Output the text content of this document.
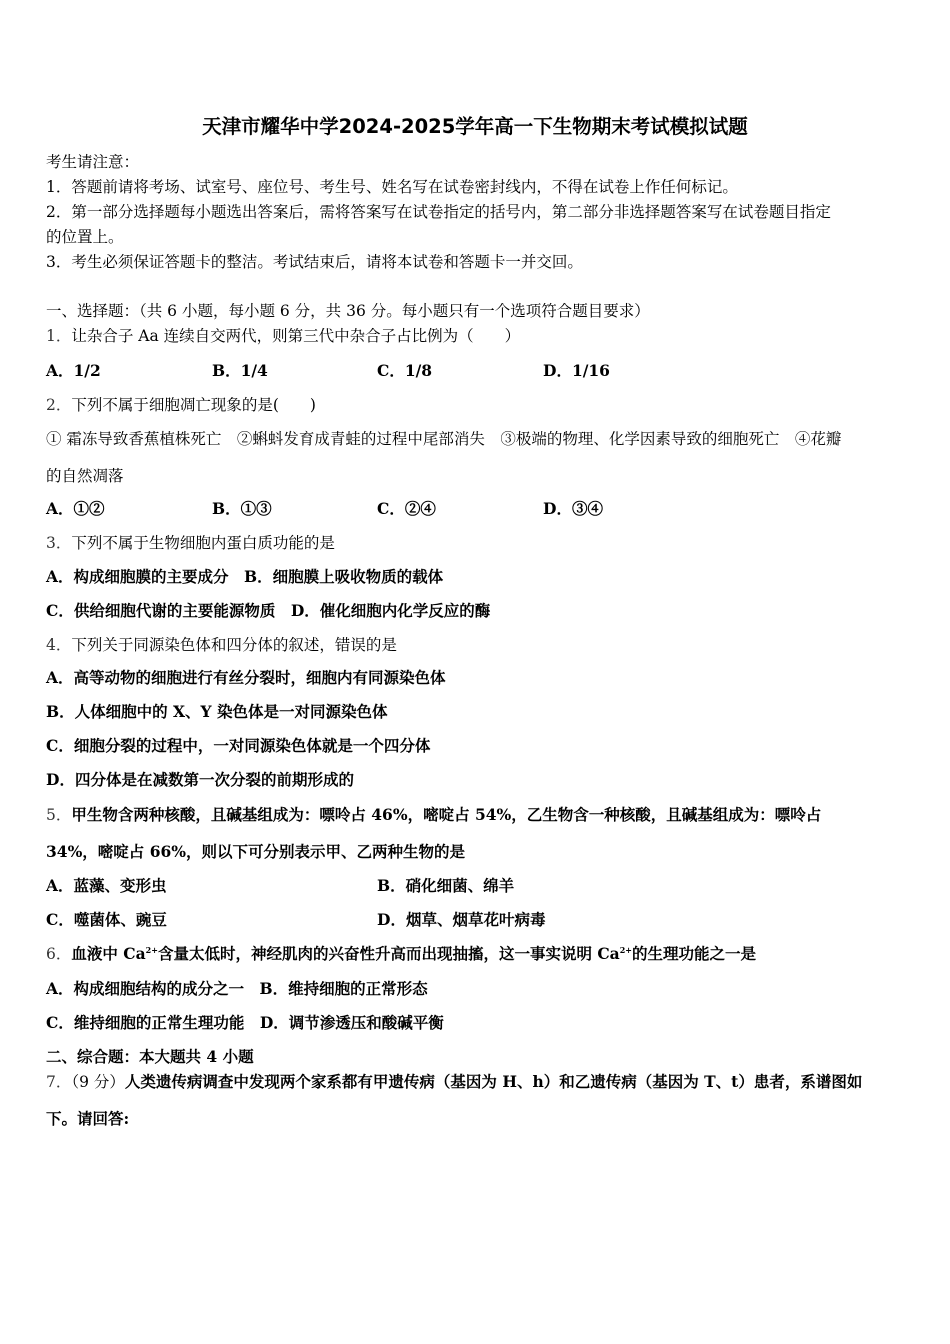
天津市耀华中学2024-2025学年高一下生物期末考试模拟试题
考生请注意：
1．答题前请将考场、试室号、座位号、考生号、姓名写在试卷密封线内，不得在试卷上作任何标记。
2．第一部分选择题每小题选出答案后，需将答案写在试卷指定的括号内，第二部分非选择题答案写在试卷题目指定
的位置上。
3．考生必须保证答题卡的整洁。考试结束后，请将本试卷和答题卡一并交回。
一、选择题：（共 6 小题，每小题 6 分，共 36 分。每小题只有一个选项符合题目要求）
1．让杂合子 Aa 连续自交两代，则第三代中杂合子占比例为（　　）
A．1/2	B．1/4	C．1/8	D．1/16
2．下列不属于细胞凋亡现象的是(　　)
① 霜冻导致香蕉植株死亡　②蝌蚪发育成青蛙的过程中尾部消失　③极端的物理、化学因素导致的细胞死亡　④花瓣
的自然凋落
A．①②	B．①③	C．②④	D．③④
3．下列不属于生物细胞内蛋白质功能的是
A．构成细胞膜的主要成分　B．细胞膜上吸收物质的载体
C．供给细胞代谢的主要能源物质　D．催化细胞内化学反应的酶
4．下列关于同源染色体和四分体的叙述，错误的是
A．高等动物的细胞进行有丝分裂时，细胞内有同源染色体
B．人体细胞中的 X、Y 染色体是一对同源染色体
C．细胞分裂的过程中，一对同源染色体就是一个四分体
D．四分体是在减数第一次分裂的前期形成的
5．甲生物含两种核酸，且碱基组成为：嘌呤占 46%，嘧啶占 54%，乙生物含一种核酸，且碱基组成为：嘌呤占
34%，嘧啶占 66%，则以下可分别表示甲、乙两种生物的是
A．蓝藻、变形虫	B．硝化细菌、绵羊
C．噬菌体、豌豆	D．烟草、烟草花叶病毒
6．血液中 $Ca^{2+}$含量太低时，神经肌肉的兴奋性升高而出现抽搐，这一事实说明 $Ca^{2+}$的生理功能之一是
A．构成细胞结构的成分之一　B．维持细胞的正常形态
C．维持细胞的正常生理功能　D．调节渗透压和酸碱平衡
二、综合题：本大题共 4 小题
7．（9 分）人类遗传病调查中发现两个家系都有甲遗传病（基因为 H、h）和乙遗传病（基因为 T、t）患者，系谱图如
下。请回答:
